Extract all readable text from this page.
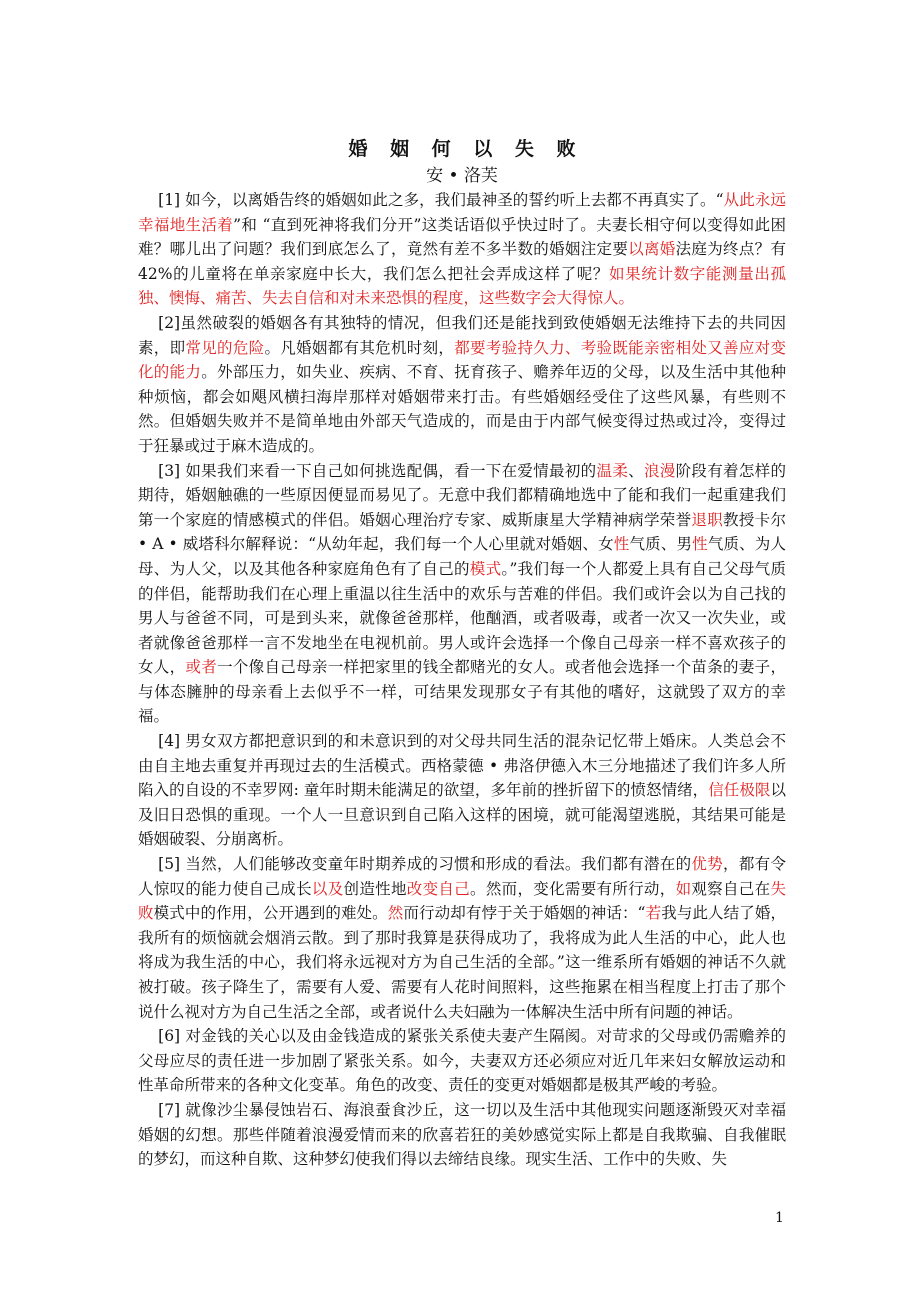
婚 姻 何 以 失 败

安 • 洛芙

[1] 如今，以离婚告终的婚姻如此之多，我们最神圣的誓约听上去都不再真实了。“从此永远幸福地生活着”和 “直到死神将我们分开”这类话语似乎快过时了。夫妻长相守何以变得如此困难？哪儿出了问题？我们到底怎么了，竟然有差不多半数的婚姻注定要以离婚法庭为终点？有 42%的儿童将在单亲家庭中长大，我们怎么把社会弄成这样了呢？如果统计数字能测量出孤独、懊悔、痛苦、失去自信和对未来恐惧的程度，这些数字会大得惊人。

[2]虽然破裂的婚姻各有其独特的情况，但我们还是能找到致使婚姻无法维持下去的共同因素，即常见的危险。凡婚姻都有其危机时刻，都要考验持久力、考验既能亲密相处又善应对变化的能力。外部压力，如失业、疾病、不育、抚育孩子、赡养年迈的父母，以及生活中其他种种烦恼，都会如飓风横扫海岸那样对婚姻带来打击。有些婚姻经受住了这些风暴，有些则不然。但婚姻失败并不是简单地由外部天气造成的，而是由于内部气候变得过热或过冷，变得过于狂暴或过于麻木造成的。

[3] 如果我们来看一下自己如何挑选配偶，看一下在爱情最初的温柔、浪漫阶段有着怎样的期待，婚姻触礁的一些原因便显而易见了。无意中我们都精确地选中了能和我们一起重建我们第一个家庭的情感模式的伴侣。婚姻心理治疗专家、威斯康星大学精神病学荣誉退职教授卡尔 • A • 威塔科尔解释说：“从幼年起，我们每一个人心里就对婚姻、女性气质、男性气质、为人母、为人父，以及其他各种家庭角色有了自己的模式。”我们每一个人都爱上具有自己父母气质的伴侣，能帮助我们在心理上重温以往生活中的欢乐与苦难的伴侣。我们或许会以为自己找的男人与爸爸不同，可是到头来，就像爸爸那样，他酗酒，或者吸毒，或者一次又一次失业，或者就像爸爸那样一言不发地坐在电视机前。男人或许会选择一个像自己母亲一样不喜欢孩子的女人，或者一个像自己母亲一样把家里的钱全都赌光的女人。或者他会选择一个苗条的妻子，与体态臃肿的母亲看上去似乎不一样，可结果发现那女子有其他的嗜好，这就毁了双方的幸福。

[4] 男女双方都把意识到的和未意识到的对父母共同生活的混杂记忆带上婚床。人类总会不由自主地去重复并再现过去的生活模式。西格蒙德 • 弗洛伊德入木三分地描述了我们许多人所陷入的自设的不幸罗网: 童年时期未能满足的欲望，多年前的挫折留下的愤怒情绪，信任极限以及旧日恐惧的重现。一个人一旦意识到自己陷入这样的困境，就可能渴望逃脱，其结果可能是婚姻破裂、分崩离析。

[5] 当然，人们能够改变童年时期养成的习惯和形成的看法。我们都有潜在的优势，都有令人惊叹的能力使自己成长以及创造性地改变自己。然而，变化需要有所行动，如观察自己在失败模式中的作用，公开遇到的难处。然而行动却有悖于关于婚姻的神话：“若我与此人结了婚，我所有的烦恼就会烟消云散。到了那时我算是获得成功了，我将成为此人生活的中心，此人也将成为我生活的中心，我们将永远视对方为自己生活的全部。”这一维系所有婚姻的神话不久就被打破。孩子降生了，需要有人爱、需要有人花时间照料，这些拖累在相当程度上打击了那个说什么视对方为自己生活之全部，或者说什么夫妇融为一体解决生活中所有问题的神话。

[6] 对金钱的关心以及由金钱造成的紧张关系使夫妻产生隔阂。对苛求的父母或仍需赡养的父母应尽的责任进一步加剧了紧张关系。如今，夫妻双方还必须应对近几年来妇女解放运动和性革命所带来的各种文化变革。角色的改变、责任的变更对婚姻都是极其严峻的考验。

[7] 就像沙尘暴侵蚀岩石、海浪蚕食沙丘，这一切以及生活中其他现实问题逐渐毁灭对幸福婚姻的幻想。那些伴随着浪漫爱情而来的欣喜若狂的美妙感觉实际上都是自我欺骗、自我催眠的梦幻，而这种自欺、这种梦幻使我们得以去缔结良缘。现实生活、工作中的失败、失

1
